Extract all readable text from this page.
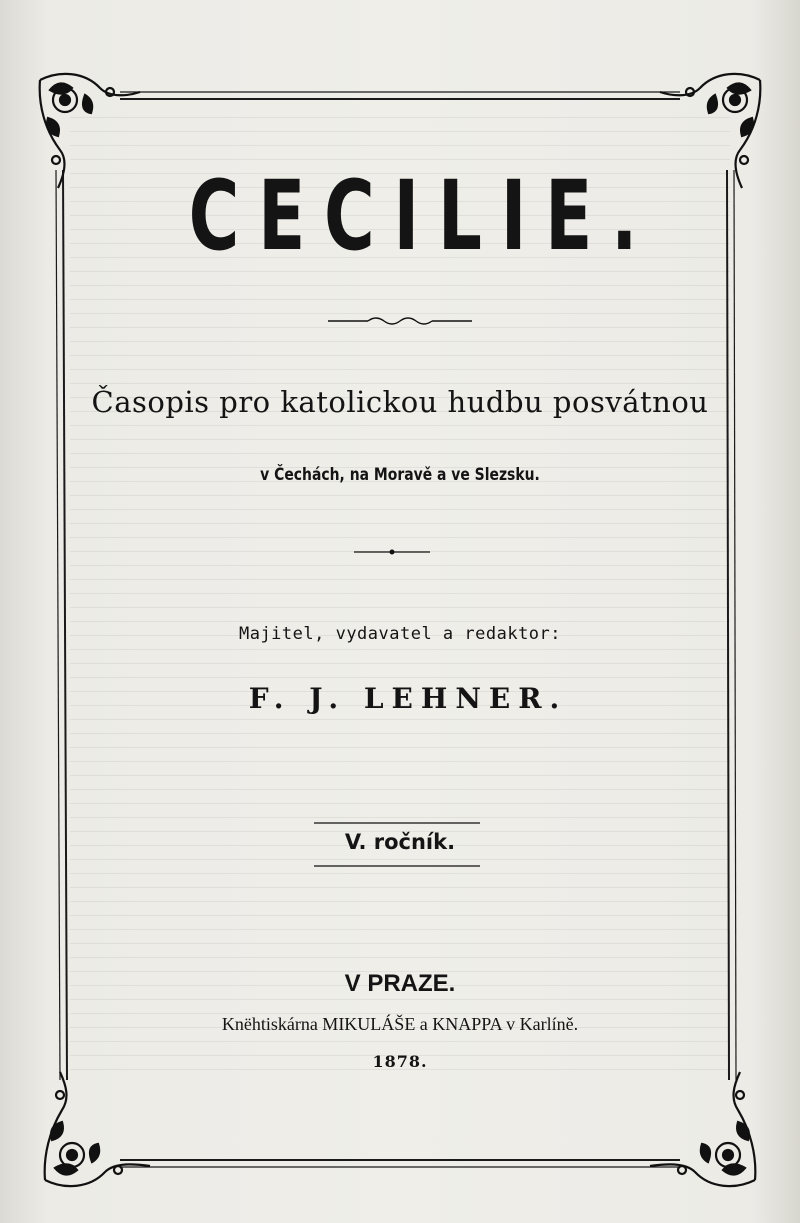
CECILIE.
Časopis pro katolickou hudbu posvátnou
v Čechách, na Moravě a ve Slezsku.
Majitel, vydavatel a redaktor:
F. J. LEHNER.
V. ročník.
V PRAZE.
Knëhtiskárna MIKULÁŠE a KNAPPA v Karlíně.
1878.
